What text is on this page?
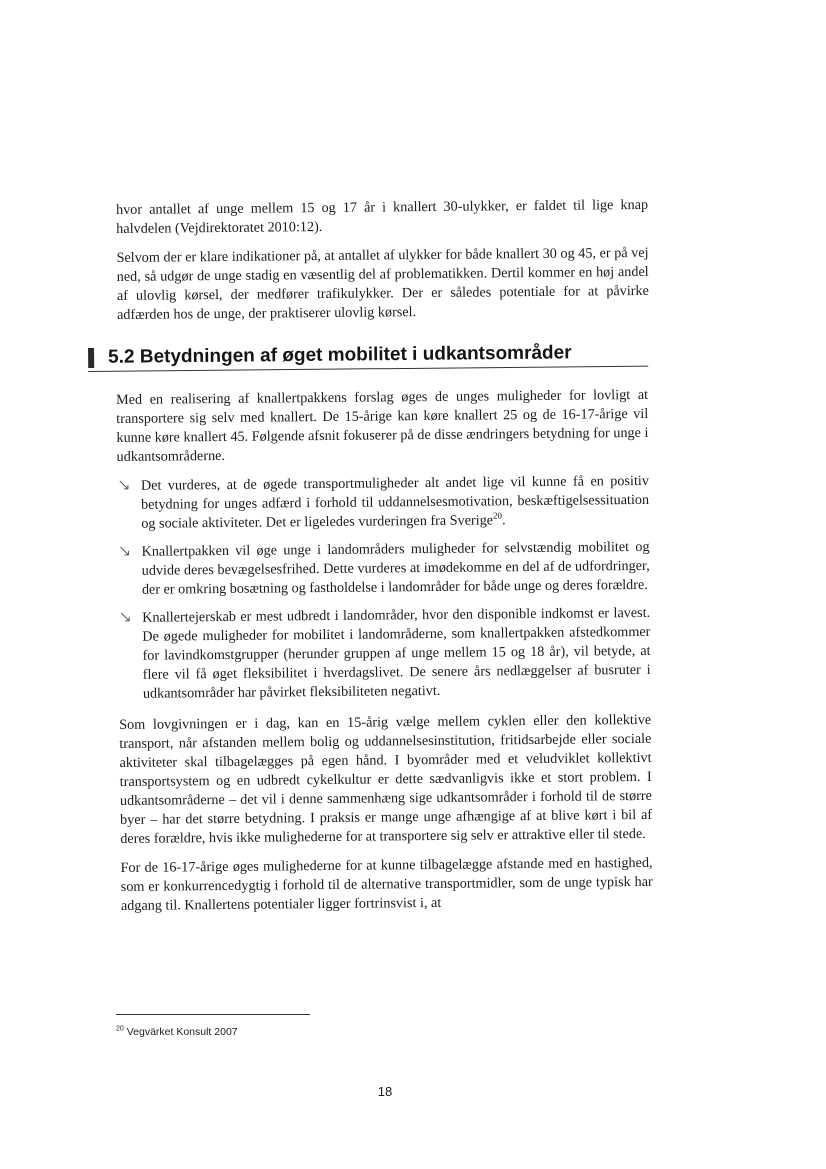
hvor antallet af unge mellem 15 og 17 år i knallert 30-ulykker, er faldet til lige knap halvdelen (Vejdirektoratet 2010:12).

Selvom der er klare indikationer på, at antallet af ulykker for både knallert 30 og 45, er på vej ned, så udgør de unge stadig en væsentlig del af problematikken. Dertil kommer en høj andel af ulovlig kørsel, der medfører trafikulykker. Der er således potentiale for at påvirke adfærden hos de unge, der praktiserer ulovlig kørsel.

5.2 Betydningen af øget mobilitet i udkantsområder

Med en realisering af knallertpakkens forslag øges de unges muligheder for lovligt at transportere sig selv med knallert. De 15-årige kan køre knallert 25 og de 16-17-årige vil kunne køre knallert 45. Følgende afsnit fokuserer på de disse ændringers betydning for unge i udkantsområderne.

Det vurderes, at de øgede transportmuligheder alt andet lige vil kunne få en positiv betydning for unges adfærd i forhold til uddannelsesmotivation, beskæftigelsessituation og sociale aktiviteter. Det er ligeledes vurderingen fra Sverige$^{20}$.
Knallertpakken vil øge unge i landområders muligheder for selvstændig mobilitet og udvide deres bevægelsesfrihed. Dette vurderes at imødekomme en del af de udfordringer, der er omkring bosætning og fastholdelse i landområder for både unge og deres forældre.
Knallertejerskab er mest udbredt i landområder, hvor den disponible indkomst er lavest. De øgede muligheder for mobilitet i landområderne, som knallertpakken afstedkommer for lavindkomstgrupper (herunder gruppen af unge mellem 15 og 18 år), vil betyde, at flere vil få øget fleksibilitet i hverdagslivet. De senere års nedlæggelser af busruter i udkantsområder har påvirket fleksibiliteten negativt.

Som lovgivningen er i dag, kan en 15-årig vælge mellem cyklen eller den kollektive transport, når afstanden mellem bolig og uddannelsesinstitution, fritidsarbejde eller sociale aktiviteter skal tilbagelægges på egen hånd. I byområder med et veludviklet kollektivt transportsystem og en udbredt cykelkultur er dette sædvanligvis ikke et stort problem. I udkantsområderne – det vil i denne sammenhæng sige udkantsområder i forhold til de større byer – har det større betydning. I praksis er mange unge afhængige af at blive kørt i bil af deres forældre, hvis ikke mulighederne for at transportere sig selv er attraktive eller til stede.

For de 16-17-årige øges mulighederne for at kunne tilbagelægge afstande med en hastighed, som er konkurrencedygtig i forhold til de alternative transportmidler, som de unge typisk har adgang til. Knallertens potentialer ligger fortrinsvist i, at

$^{20}$ Vegvärket Konsult 2007
18
